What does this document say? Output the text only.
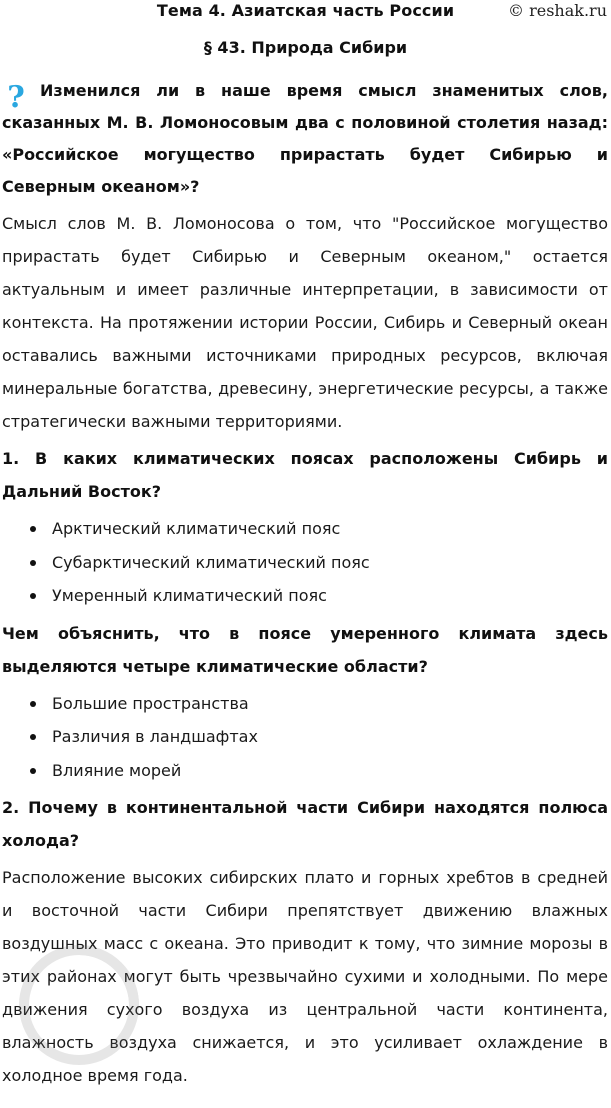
Тема 4. Азиатская часть России	© reshak.ru
§ 43. Природа Сибири
? Изменился ли в наше время смысл знаменитых слов, сказанных М. В. Ломоносовым два с половиной столетия назад: «Российское могущество прирастать будет Сибирью и Северным океаном»?
Смысл слов М. В. Ломоносова о том, что "Российское могущество прирастать будет Сибирью и Северным океаном," остается актуальным и имеет различные интерпретации, в зависимости от контекста. На протяжении истории России, Сибирь и Северный океан оставались важными источниками природных ресурсов, включая минеральные богатства, древесину, энергетические ресурсы, а также стратегически важными территориями.
1. В каких климатических поясах расположены Сибирь и Дальний Восток?
Арктический климатический пояс
Субарктический климатический пояс
Умеренный климатический пояс
Чем объяснить, что в поясе умеренного климата здесь выделяются четыре климатические области?
Большие пространства
Различия в ландшафтах
Влияние морей
2. Почему в континентальной части Сибири находятся полюса холода?
Расположение высоких сибирских плато и горных хребтов в средней и восточной части Сибири препятствует движению влажных воздушных масс с океана. Это приводит к тому, что зимние морозы в этих районах могут быть чрезвычайно сухими и холодными. По мере движения сухого воздуха из центральной части континента, влажность воздуха снижается, и это усиливает охлаждение в холодное время года.
